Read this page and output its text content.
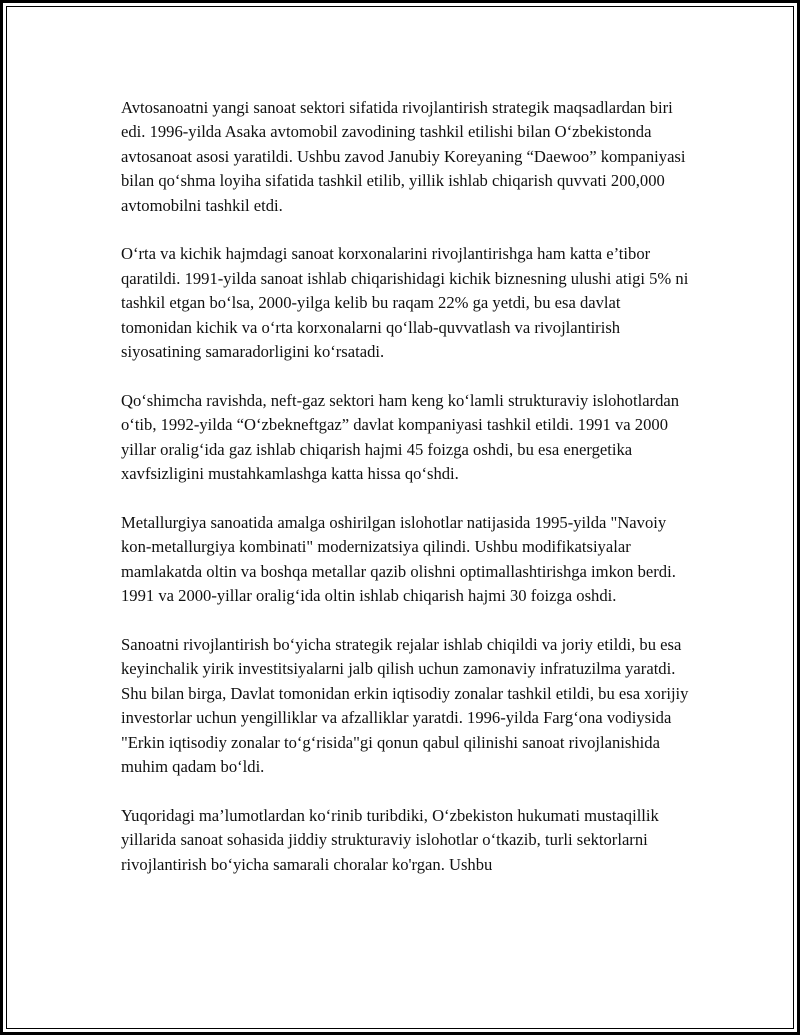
Avtosanoatni yangi sanoat sektori sifatida rivojlantirish strategik maqsadlardan biri edi. 1996-yilda Asaka avtomobil zavodining tashkil etilishi bilan O‘zbekistonda avtosanoat asosi yaratildi. Ushbu zavod Janubiy Koreyaning “Daewoo” kompaniyasi bilan qo‘shma loyiha sifatida tashkil etilib, yillik ishlab chiqarish quvvati 200,000 avtomobilni tashkil etdi.

O‘rta va kichik hajmdagi sanoat korxonalarini rivojlantirishga ham katta e’tibor qaratildi. 1991-yilda sanoat ishlab chiqarishidagi kichik biznesning ulushi atigi 5% ni tashkil etgan bo‘lsa, 2000-yilga kelib bu raqam 22% ga yetdi, bu esa davlat tomonidan kichik va o‘rta korxonalarni qo‘llab-quvvatlash va rivojlantirish siyosatining samaradorligini ko‘rsatadi.

Qo‘shimcha ravishda, neft-gaz sektori ham keng ko‘lamli strukturaviy islohotlardan o‘tib, 1992-yilda “O‘zbekneftgaz” davlat kompaniyasi tashkil etildi. 1991 va 2000 yillar oralig‘ida gaz ishlab chiqarish hajmi 45 foizga oshdi, bu esa energetika xavfsizligini mustahkamlashga katta hissa qo‘shdi.

Metallurgiya sanoatida amalga oshirilgan islohotlar natijasida 1995-yilda "Navoiy kon-metallurgiya kombinati" modernizatsiya qilindi. Ushbu modifikatsiyalar mamlakatda oltin va boshqa metallar qazib olishni optimallashtirishga imkon berdi. 1991 va 2000-yillar oralig‘ida oltin ishlab chiqarish hajmi 30 foizga oshdi.

Sanoatni rivojlantirish bo‘yicha strategik rejalar ishlab chiqildi va joriy etildi, bu esa keyinchalik yirik investitsiyalarni jalb qilish uchun zamonaviy infratuzilma yaratdi. Shu bilan birga, Davlat tomonidan erkin iqtisodiy zonalar tashkil etildi, bu esa xorijiy investorlar uchun yengilliklar va afzalliklar yaratdi. 1996-yilda Farg‘ona vodiysida "Erkin iqtisodiy zonalar to‘g‘risida"gi qonun qabul qilinishi sanoat rivojlanishida muhim qadam bo‘ldi.

Yuqoridagi ma’lumotlardan ko‘rinib turibdiki, O‘zbekiston hukumati mustaqillik yillarida sanoat sohasida jiddiy strukturaviy islohotlar o‘tkazib, turli sektorlarni rivojlantirish bo‘yicha samarali choralar ko'rgan. Ushbu
